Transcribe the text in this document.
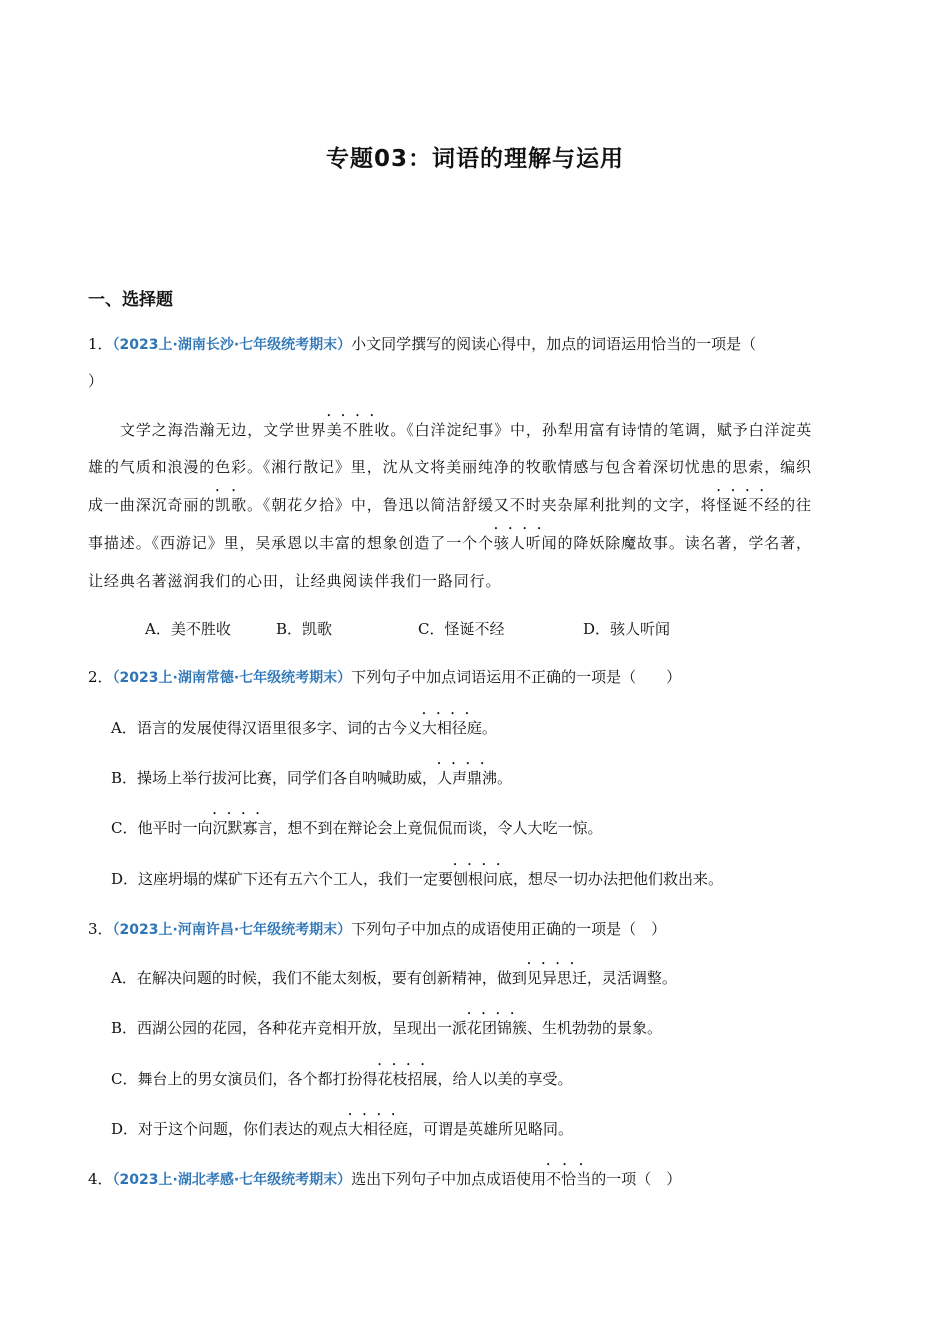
专题03：词语的理解与运用
一、选择题
1．（2023上·湖南长沙·七年级统考期末）小文同学撰写的阅读心得中，加点的词语运用恰当的一项是（
）
文学之海浩瀚无边，文学世界• • • • 美不胜收。《白洋淀纪事》中，孙犁用富有诗情的笔调，赋予白洋淀英
雄的气质和浪漫的色彩。《湘行散记》里，沈从文将美丽纯净的牧歌情感与包含着深切忧患的思索，编织
成一曲深沉奇丽的• • 凯歌。《朝花夕拾》中，鲁迅以简洁舒缓又不时夹杂犀利批判的文字，将• • • • 怪诞不经的往
事描述。《西游记》里，吴承恩以丰富的想象创造了一个个• • • • 骇人听闻的降妖除魔故事。读名著，学名著，
让经典名著滋润我们的心田，让经典阅读伴我们一路同行。
A．美不胜收	B．凯歌	C．怪诞不经	D．骇人听闻
2．（2023上·湖南常德·七年级统考期末）下列句子中加点词语运用不正确的一项是（　　）
A．语言的发展使得汉语里很多字、词的古今义• • • • 大相径庭。
B．操场上举行拔河比赛，同学们各自呐喊助威，• • • • 人声鼎沸。
C．他平时一向• • • • 沉默寡言，想不到在辩论会上竟侃侃而谈，令人大吃一惊。
D．这座坍塌的煤矿下还有五六个工人，我们一定要• • • • 刨根问底，想尽一切办法把他们救出来。
3．（2023上·河南许昌·七年级统考期末）下列句子中加点的成语使用正确的一项是（　）
A．在解决问题的时候，我们不能太刻板，要有创新精神，做到• • • • 见异思迁，灵活调整。
B．西湖公园的花园，各种花卉竞相开放，呈现出一派• • • • 花团锦簇、生机勃勃的景象。
C．舞台上的男女演员们，各个都打扮得• • • • 花枝招展，给人以美的享受。
D．对于这个问题，你们表达的观点• • • • 大相径庭，可谓是英雄所见略同。
4．（2023上·湖北孝感·七年级统考期末）选出下列句子中加点成语使用• • • 不恰当的一项（　）
